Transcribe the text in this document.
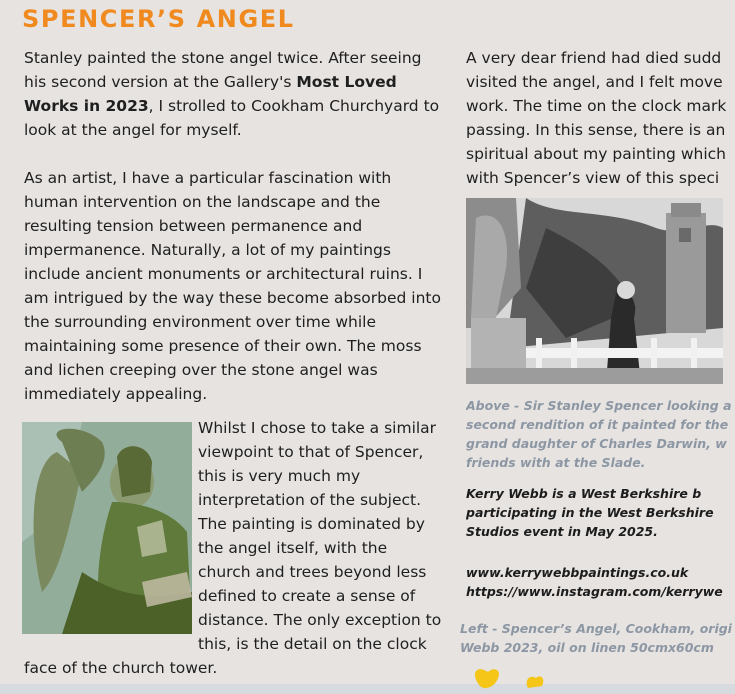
SPENCER’S ANGEL

Stanley painted the stone angel twice. After seeing his second version at the Gallery's Most Loved Works in 2023, I strolled to Cookham Churchyard to look at the angel for myself.

As an artist, I have a particular fascination with human intervention on the landscape and the resulting tension between permanence and impermanence. Naturally, a lot of my paintings include ancient monuments or architectural ruins. I am intrigued by the way these become absorbed into the surrounding environment over time while maintaining some presence of their own. The moss and lichen creeping over the stone angel was immediately appealing.

Whilst I chose to take a similar viewpoint to that of Spencer, this is very much my interpretation of the subject. The painting is dominated by the angel itself, with the church and trees beyond less defined to create a sense of distance. The only exception to this, is the detail on the clock face of the church tower.

A very dear friend had died sudd
visited the angel, and I felt move
work. The time on the clock mark
passing. In this sense, there is an
spiritual about my painting which
with Spencer’s view of this speci
Above - Sir Stanley Spencer looking a
second rendition of it painted for the
grand daughter of Charles Darwin, w
friends with at the Slade.
Kerry Webb is a West Berkshire b
participating in the West Berkshire
Studios event in May 2025.
www.kerrywebbpaintings.co.uk
https://www.instagram.com/kerrywe
Left - Spencer’s Angel, Cookham, origi
Webb 2023, oil on linen 50cmx60cm
